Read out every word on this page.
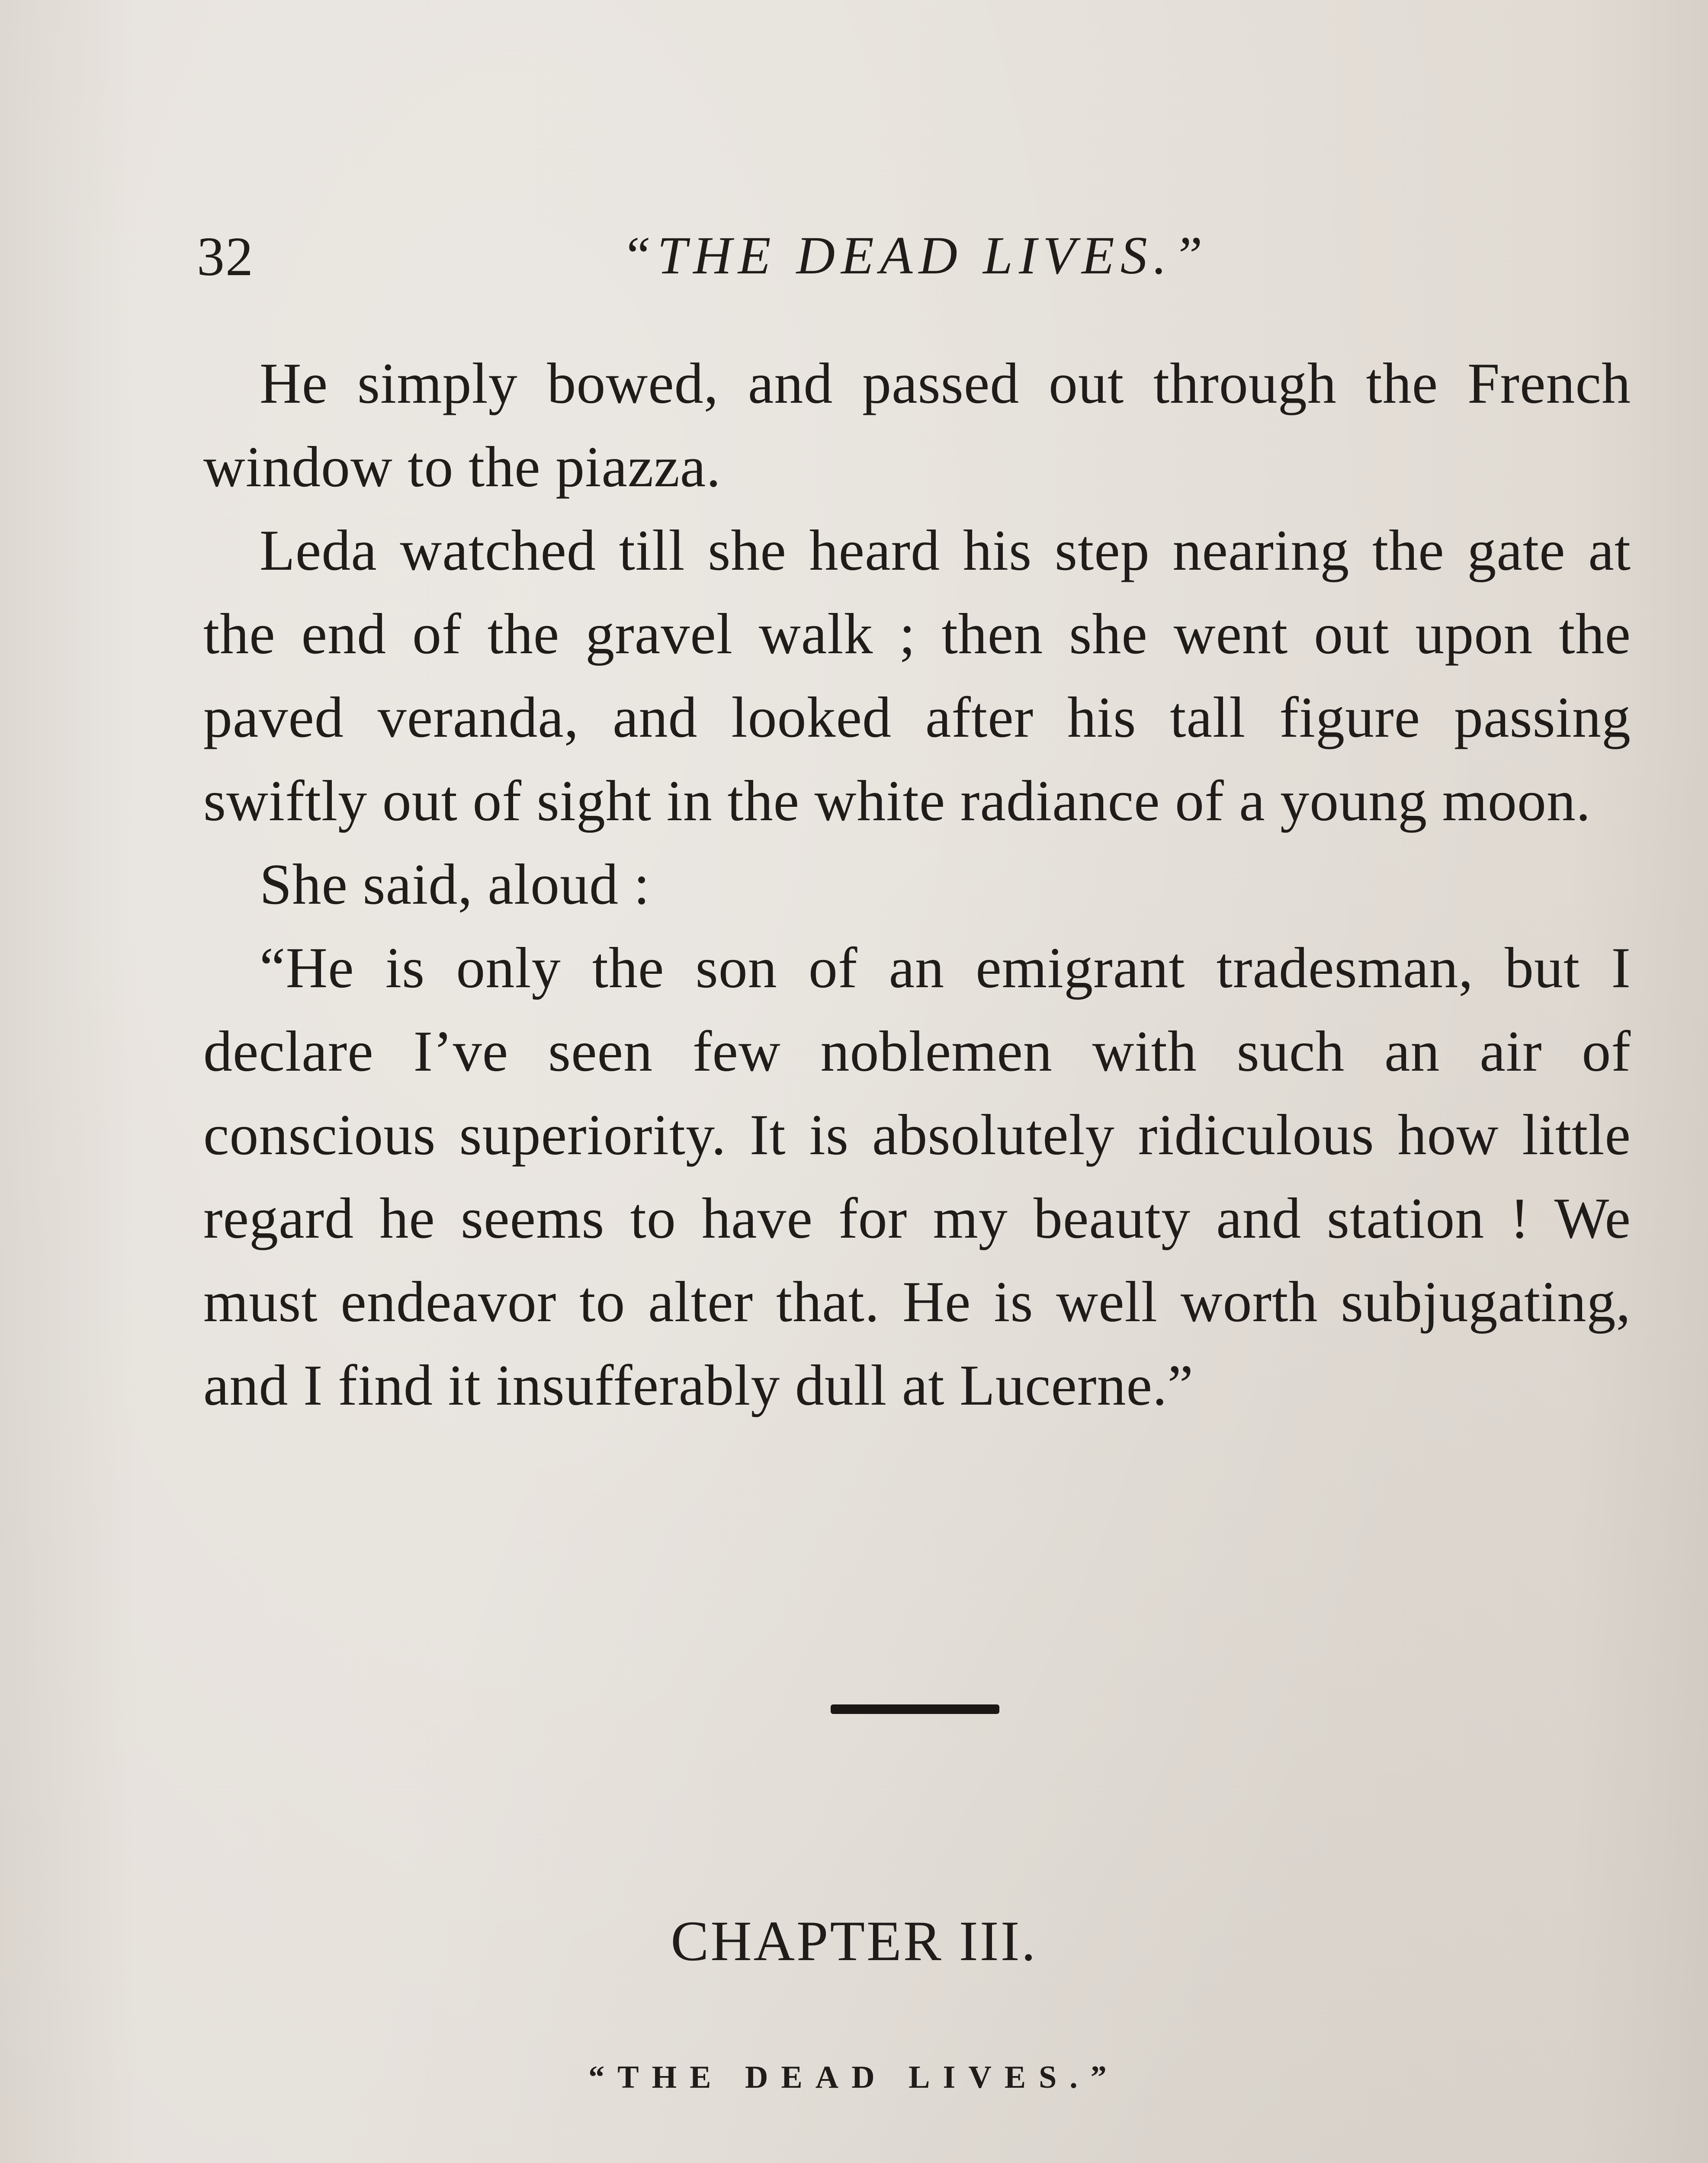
32	“THE DEAD LIVES.”

He simply bowed, and passed out through the French window to the piazza.

Leda watched till she heard his step nearing the gate at the end of the gravel walk ; then she went out upon the paved veranda, and looked after his tall figure passing swiftly out of sight in the white radiance of a young moon.

She said, aloud :

“He is only the son of an emigrant tradesman, but I declare I’ve seen few noblemen with such an air of conscious superiority. It is absolutely ridiculous how little regard he seems to have for my beauty and station ! We must endeavor to alter that. He is well worth subjugating, and I find it insufferably dull at Lucerne.”

CHAPTER III.
“THE DEAD LIVES.”
